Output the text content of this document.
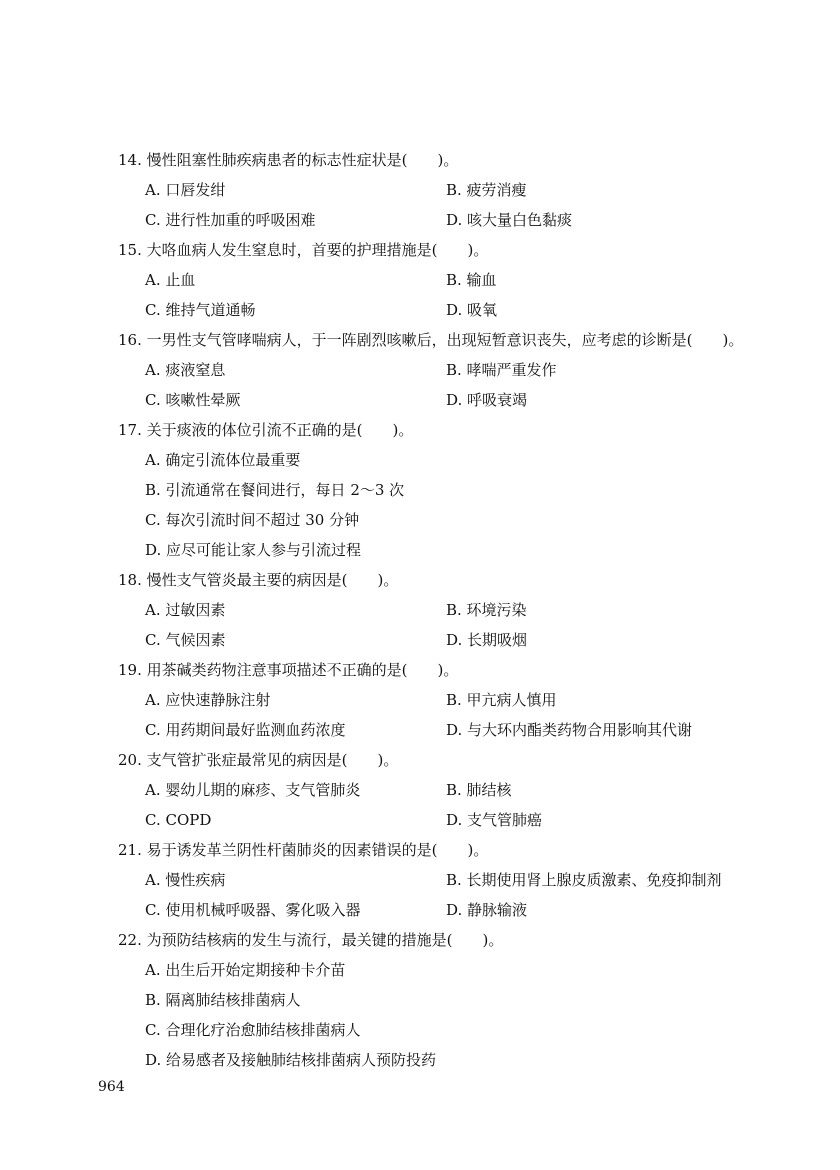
14. 慢性阻塞性肺疾病患者的标志性症状是(　　)。
A. 口唇发绀	B. 疲劳消瘦
C. 进行性加重的呼吸困难	D. 咳大量白色黏痰
15. 大咯血病人发生窒息时，首要的护理措施是(　　)。
A. 止血	B. 输血
C. 维持气道通畅	D. 吸氧
16. 一男性支气管哮喘病人，于一阵剧烈咳嗽后，出现短暂意识丧失，应考虑的诊断是(　　)。
A. 痰液窒息	B. 哮喘严重发作
C. 咳嗽性晕厥	D. 呼吸衰竭
17. 关于痰液的体位引流不正确的是(　　)。
A. 确定引流体位最重要
B. 引流通常在餐间进行，每日 2～3 次
C. 每次引流时间不超过 30 分钟
D. 应尽可能让家人参与引流过程
18. 慢性支气管炎最主要的病因是(　　)。
A. 过敏因素	B. 环境污染
C. 气候因素	D. 长期吸烟
19. 用茶碱类药物注意事项描述不正确的是(　　)。
A. 应快速静脉注射	B. 甲亢病人慎用
C. 用药期间最好监测血药浓度	D. 与大环内酯类药物合用影响其代谢
20. 支气管扩张症最常见的病因是(　　)。
A. 婴幼儿期的麻疹、支气管肺炎	B. 肺结核
C. COPD	D. 支气管肺癌
21. 易于诱发革兰阴性杆菌肺炎的因素错误的是(　　)。
A. 慢性疾病	B. 长期使用肾上腺皮质激素、免疫抑制剂
C. 使用机械呼吸器、雾化吸入器	D. 静脉输液
22. 为预防结核病的发生与流行，最关键的措施是(　　)。
A. 出生后开始定期接种卡介苗
B. 隔离肺结核排菌病人
C. 合理化疗治愈肺结核排菌病人
D. 给易感者及接触肺结核排菌病人预防投药
964
